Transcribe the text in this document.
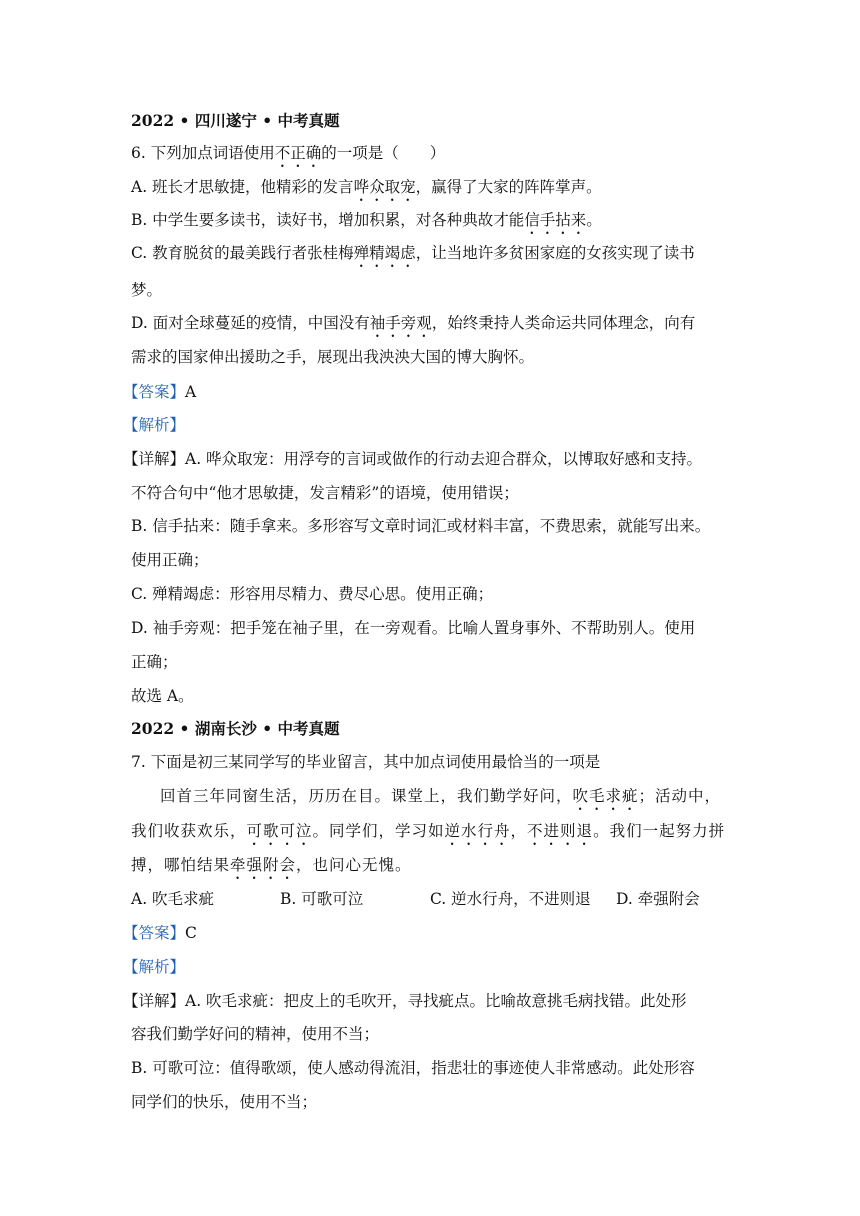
2022 • 四川遂宁 • 中考真题
6. 下列加点词语使用不正确的一项是（　　）
A. 班长才思敏捷，他精彩的发言哗众取宠，赢得了大家的阵阵掌声。
B. 中学生要多读书，读好书，增加积累，对各种典故才能信手拈来。
C. 教育脱贫的最美践行者张桂梅殚精竭虑，让当地许多贫困家庭的女孩实现了读书
梦。
D. 面对全球蔓延的疫情，中国没有袖手旁观，始终秉持人类命运共同体理念，向有
需求的国家伸出援助之手，展现出我泱泱大国的博大胸怀。
【答案】A
【解析】
【详解】A. 哗众取宠：用浮夸的言词或做作的行动去迎合群众，以博取好感和支持。
不符合句中“他才思敏捷，发言精彩”的语境，使用错误；
B. 信手拈来：随手拿来。多形容写文章时词汇或材料丰富，不费思索，就能写出来。
使用正确；
C. 殚精竭虑：形容用尽精力、费尽心思。使用正确；
D. 袖手旁观：把手笼在袖子里，在一旁观看。比喻人置身事外、不帮助别人。使用
正确；
故选 A。
2022 • 湖南长沙 • 中考真题
7. 下面是初三某同学写的毕业留言，其中加点词使用最恰当的一项是
回首三年同窗生活，历历在目。课堂上，我们勤学好问，吹毛求疵；活动中，
我们收获欢乐，可歌可泣。同学们，学习如逆水行舟，不进则退。我们一起努力拼
搏，哪怕结果牵强附会，也问心无愧。
A. 吹毛求疵	B. 可歌可泣	C. 逆水行舟，不进则退 D. 牵强附会
【答案】C
【解析】
【详解】A. 吹毛求疵：把皮上的毛吹开，寻找疵点。比喻故意挑毛病找错。此处形
容我们勤学好问的精神，使用不当；
B. 可歌可泣：值得歌颂，使人感动得流泪，指悲壮的事迹使人非常感动。此处形容
同学们的快乐，使用不当；
